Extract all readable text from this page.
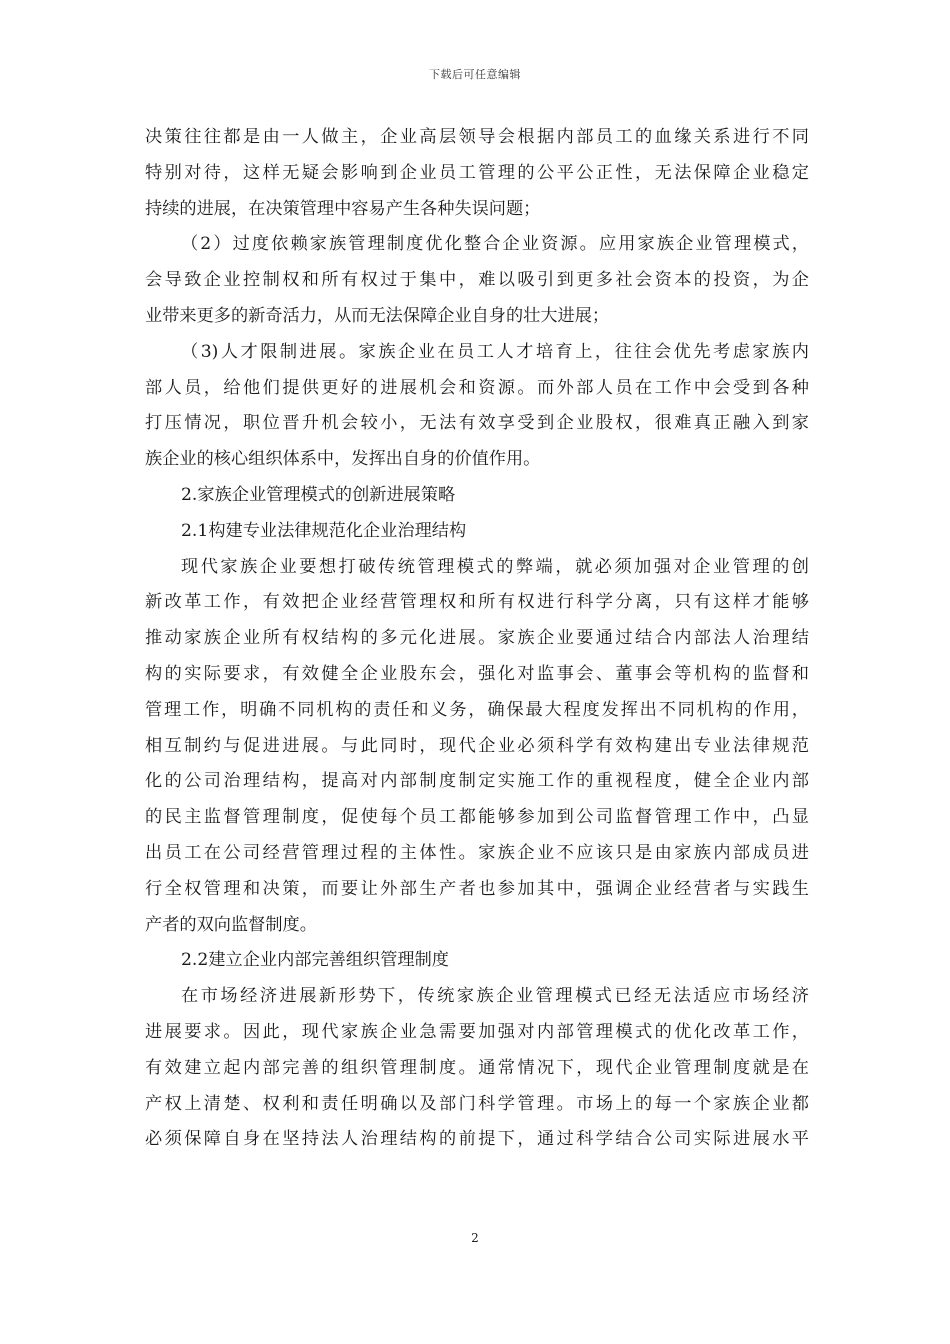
下载后可任意编辑
决策往往都是由一人做主，企业高层领导会根据内部员工的血缘关系进行不同
特别对待，这样无疑会影响到企业员工管理的公平公正性，无法保障企业稳定
持续的进展，在决策管理中容易产生各种失误问题；
（2）过度依赖家族管理制度优化整合企业资源。应用家族企业管理模式，
会导致企业控制权和所有权过于集中，难以吸引到更多社会资本的投资，为企
业带来更多的新奇活力，从而无法保障企业自身的壮大进展；
（3)人才限制进展。家族企业在员工人才培育上，往往会优先考虑家族内
部人员，给他们提供更好的进展机会和资源。而外部人员在工作中会受到各种
打压情况，职位晋升机会较小，无法有效享受到企业股权，很难真正融入到家
族企业的核心组织体系中，发挥出自身的价值作用。
2.家族企业管理模式的创新进展策略
2.1构建专业法律规范化企业治理结构
现代家族企业要想打破传统管理模式的弊端，就必须加强对企业管理的创
新改革工作，有效把企业经营管理权和所有权进行科学分离，只有这样才能够
推动家族企业所有权结构的多元化进展。家族企业要通过结合内部法人治理结
构的实际要求，有效健全企业股东会，强化对监事会、董事会等机构的监督和
管理工作，明确不同机构的责任和义务，确保最大程度发挥出不同机构的作用，
相互制约与促进进展。与此同时，现代企业必须科学有效构建出专业法律规范
化的公司治理结构，提高对内部制度制定实施工作的重视程度，健全企业内部
的民主监督管理制度，促使每个员工都能够参加到公司监督管理工作中，凸显
出员工在公司经营管理过程的主体性。家族企业不应该只是由家族内部成员进
行全权管理和决策，而要让外部生产者也参加其中，强调企业经营者与实践生
产者的双向监督制度。
2.2建立企业内部完善组织管理制度
在市场经济进展新形势下，传统家族企业管理模式已经无法适应市场经济
进展要求。因此，现代家族企业急需要加强对内部管理模式的优化改革工作，
有效建立起内部完善的组织管理制度。通常情况下，现代企业管理制度就是在
产权上清楚、权利和责任明确以及部门科学管理。市场上的每一个家族企业都
必须保障自身在坚持法人治理结构的前提下，通过科学结合公司实际进展水平
2
